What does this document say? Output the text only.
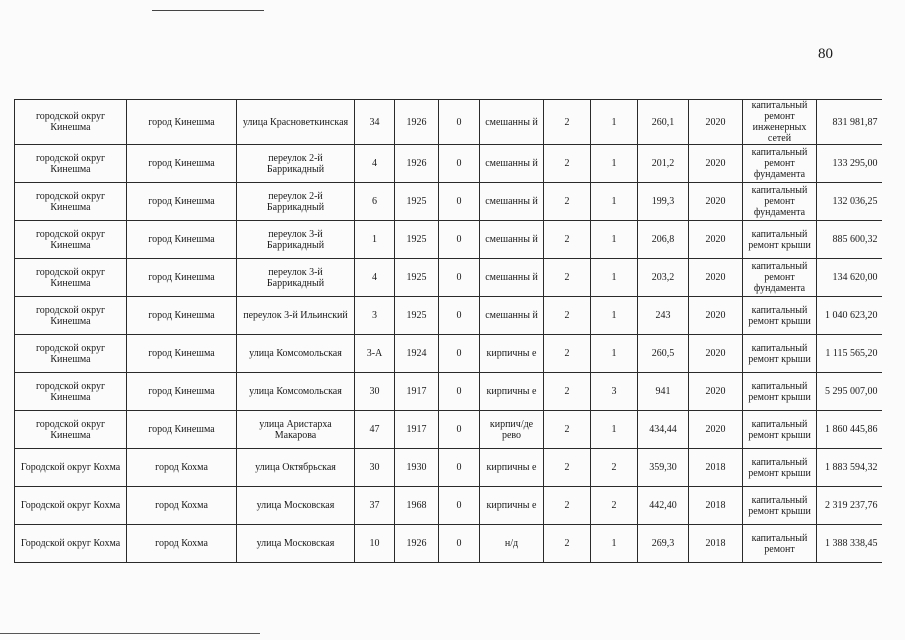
80
городской округ Кинешма	город Кинешма	улица Красноветкинская	34	1926	0	смешанны й	2	1	260,1	2020	капитальный ремонт инженерных сетей	831 981,87
городской округ Кинешма	город Кинешма	переулок 2-й Баррикадный	4	1926	0	смешанны й	2	1	201,2	2020	капитальный ремонт фундамента	133 295,00
городской округ Кинешма	город Кинешма	переулок 2-й Баррикадный	6	1925	0	смешанны й	2	1	199,3	2020	капитальный ремонт фундамента	132 036,25
городской округ Кинешма	город Кинешма	переулок 3-й Баррикадный	1	1925	0	смешанны й	2	1	206,8	2020	капитальный ремонт крыши	885 600,32
городской округ Кинешма	город Кинешма	переулок 3-й Баррикадный	4	1925	0	смешанны й	2	1	203,2	2020	капитальный ремонт фундамента	134 620,00
городской округ Кинешма	город Кинешма	переулок 3-й Ильинский	3	1925	0	смешанны й	2	1	243	2020	капитальный ремонт крыши	1 040 623,20
городской округ Кинешма	город Кинешма	улица Комсомольская	3-А	1924	0	кирпичны е	2	1	260,5	2020	капитальный ремонт крыши	1 115 565,20
городской округ Кинешма	город Кинешма	улица Комсомольская	30	1917	0	кирпичны е	2	3	941	2020	капитальный ремонт крыши	5 295 007,00
городской округ Кинешма	город Кинешма	улица Аристарха Макарова	47	1917	0	кирпич/де рево	2	1	434,44	2020	капитальный ремонт крыши	1 860 445,86
Городской округ Кохма	город Кохма	улица Октябрьская	30	1930	0	кирпичны е	2	2	359,30	2018	капитальный ремонт крыши	1 883 594,32
Городской округ Кохма	город Кохма	улица Московская	37	1968	0	кирпичны е	2	2	442,40	2018	капитальный ремонт крыши	2 319 237,76
Городской округ Кохма	город Кохма	улица Московская	10	1926	0	н/д	2	1	269,3	2018	капитальный ремонт	1 388 338,45
